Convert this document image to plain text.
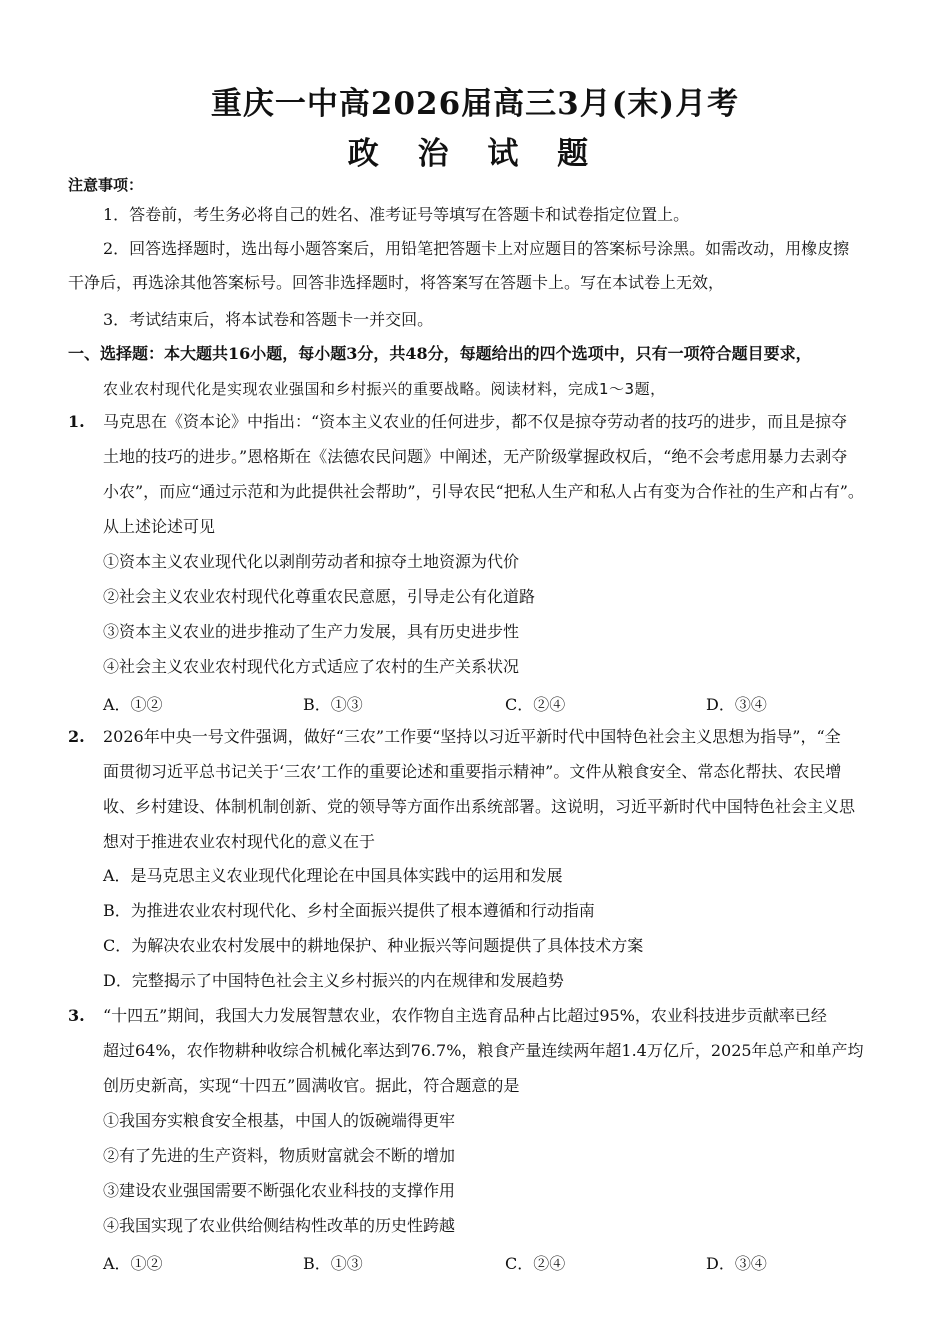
重庆一中高2026届高三3月(末)月考
政 治 试 题
注意事项：
1．答卷前，考生务必将自己的姓名、准考证号等填写在答题卡和试卷指定位置上。
2．回答选择题时，选出每小题答案后，用铅笔把答题卡上对应题目的答案标号涂黑。如需改动，用橡皮擦
干净后，再选涂其他答案标号。回答非选择题时，将答案写在答题卡上。写在本试卷上无效，
3．考试结束后，将本试卷和答题卡一并交回。
一、选择题：本大题共16小题，每小题3分，共48分，每题给出的四个选项中，只有一项符合题目要求，
农业农村现代化是实现农业强国和乡村振兴的重要战略。阅读材料，完成1～3题，
1. 马克思在《资本论》中指出：“资本主义农业的任何进步，都不仅是掠夺劳动者的技巧的进步，而且是掠夺
土地的技巧的进步。”恩格斯在《法德农民问题》中阐述，无产阶级掌握政权后，“绝不会考虑用暴力去剥夺
小农”，而应“通过示范和为此提供社会帮助”，引导农民“把私人生产和私人占有变为合作社的生产和占有”。
从上述论述可见
①资本主义农业现代化以剥削劳动者和掠夺土地资源为代价
②社会主义农业农村现代化尊重农民意愿，引导走公有化道路
③资本主义农业的进步推动了生产力发展，具有历史进步性
④社会主义农业农村现代化方式适应了农村的生产关系状况
A．①②	B．①③	C．②④	D．③④
2. 2026年中央一号文件强调，做好“三农”工作要“坚持以习近平新时代中国特色社会主义思想为指导”，“全
面贯彻习近平总书记关于‘三农’工作的重要论述和重要指示精神”。文件从粮食安全、常态化帮扶、农民增
收、乡村建设、体制机制创新、党的领导等方面作出系统部署。这说明，习近平新时代中国特色社会主义思
想对于推进农业农村现代化的意义在于
A．是马克思主义农业现代化理论在中国具体实践中的运用和发展
B．为推进农业农村现代化、乡村全面振兴提供了根本遵循和行动指南
C．为解决农业农村发展中的耕地保护、种业振兴等问题提供了具体技术方案
D．完整揭示了中国特色社会主义乡村振兴的内在规律和发展趋势
3. “十四五”期间，我国大力发展智慧农业，农作物自主选育品种占比超过95%，农业科技进步贡献率已经
超过64%，农作物耕种收综合机械化率达到76.7%，粮食产量连续两年超1.4万亿斤，2025年总产和单产均
创历史新高，实现“十四五”圆满收官。据此，符合题意的是
①我国夯实粮食安全根基，中国人的饭碗端得更牢
②有了先进的生产资料，物质财富就会不断的增加
③建设农业强国需要不断强化农业科技的支撑作用
④我国实现了农业供给侧结构性改革的历史性跨越
A．①②	B．①③	C．②④	D．③④
